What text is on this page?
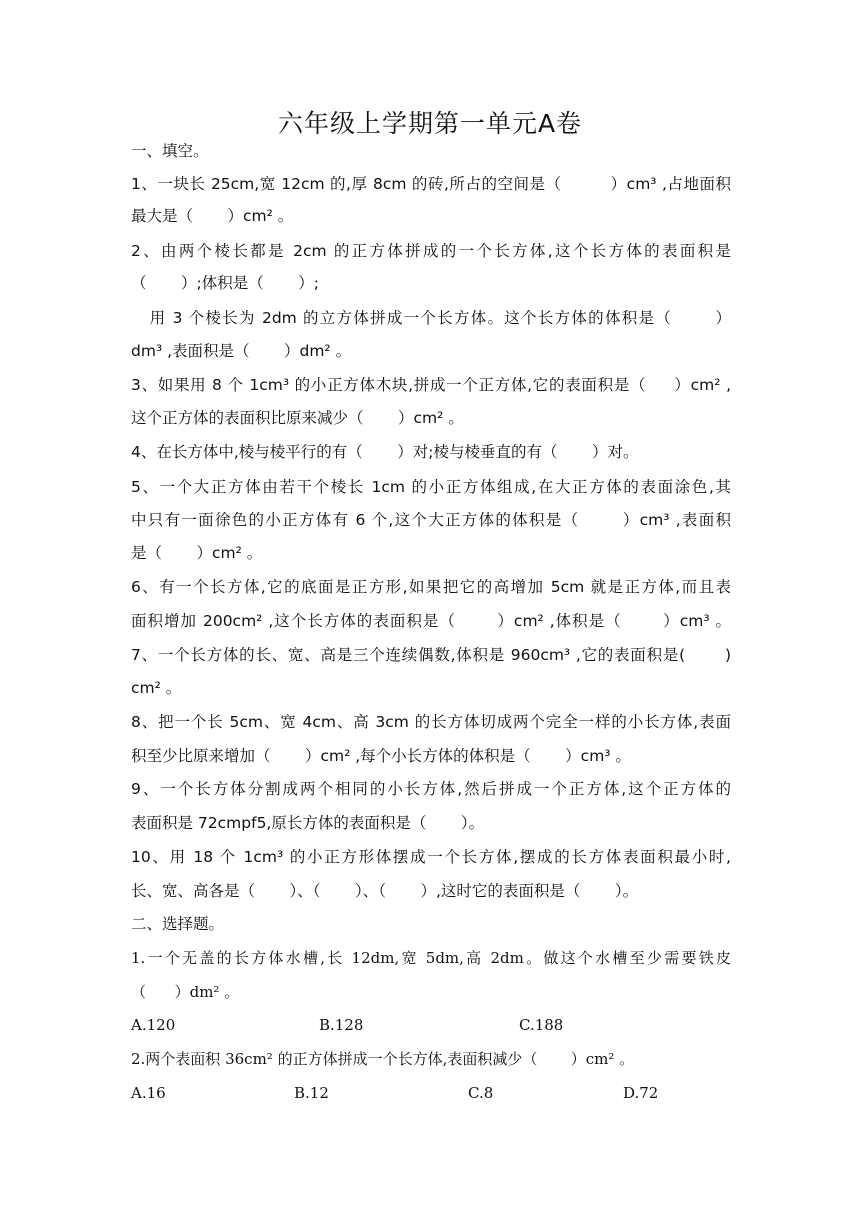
六年级上学期第一单元A卷
一、填空。
1、一块长 25cm,宽 12cm 的,厚 8cm 的砖,所占的空间是（         ）cm³ ,占地面积
最大是（       ）cm² 。
2、由两个棱长都是 2cm 的正方体拼成的一个长方体,这个长方体的表面积是
（       ）;体积是（       ）;
用 3 个棱长为 2dm 的立方体拼成一个长方体。这个长方体的体积是（       ）
dm³ ,表面积是（       ）dm² 。
3、如果用 8 个 1cm³ 的小正方体木块,拼成一个正方体,它的表面积是（     ）cm² ,
这个正方体的表面积比原来减少（       ）cm² 。
4、在长方体中,棱与棱平行的有（       ）对;棱与棱垂直的有（       ）对。
5、一个大正方体由若干个棱长 1cm 的小正方体组成,在大正方体的表面涂色,其
中只有一面徐色的小正方体有 6 个,这个大正方体的体积是（       ）cm³ ,表面积
是（       ）cm² 。
6、有一个长方体,它的底面是正方形,如果把它的高增加 5cm 就是正方体,而且表
面积增加 200cm² ,这个长方体的表面积是（       ）cm² ,体积是（       ）cm³ 。
7、一个长方体的长、宽、高是三个连续偶数,体积是 960cm³ ,它的表面积是(       )
cm² 。
8、把一个长 5cm、宽 4cm、高 3cm 的长方体切成两个完全一样的小长方体,表面
积至少比原来增加（       ）cm² ,每个小长方体的体积是（       ）cm³ 。
9、一个长方体分割成两个相同的小长方体,然后拼成一个正方体,这个正方体的
表面积是 72cmpf5,原长方体的表面积是（       ）。
10、用 18 个 1cm³ 的小正方形体摆成一个长方体,摆成的长方体表面积最小时,
长、宽、高各是（       ）、（       ）、（       ）,这时它的表面积是（       ）。
二、选择题。
1.一个无盖的长方体水槽,长 12dm,宽 5dm,高 2dm。做这个水槽至少需要铁皮
（      ）dm² 。
A.120	B.128	C.188
2.两个表面积 36cm² 的正方体拼成一个长方体,表面积减少（       ）cm² 。
A.16	B.12	C.8	D.72
